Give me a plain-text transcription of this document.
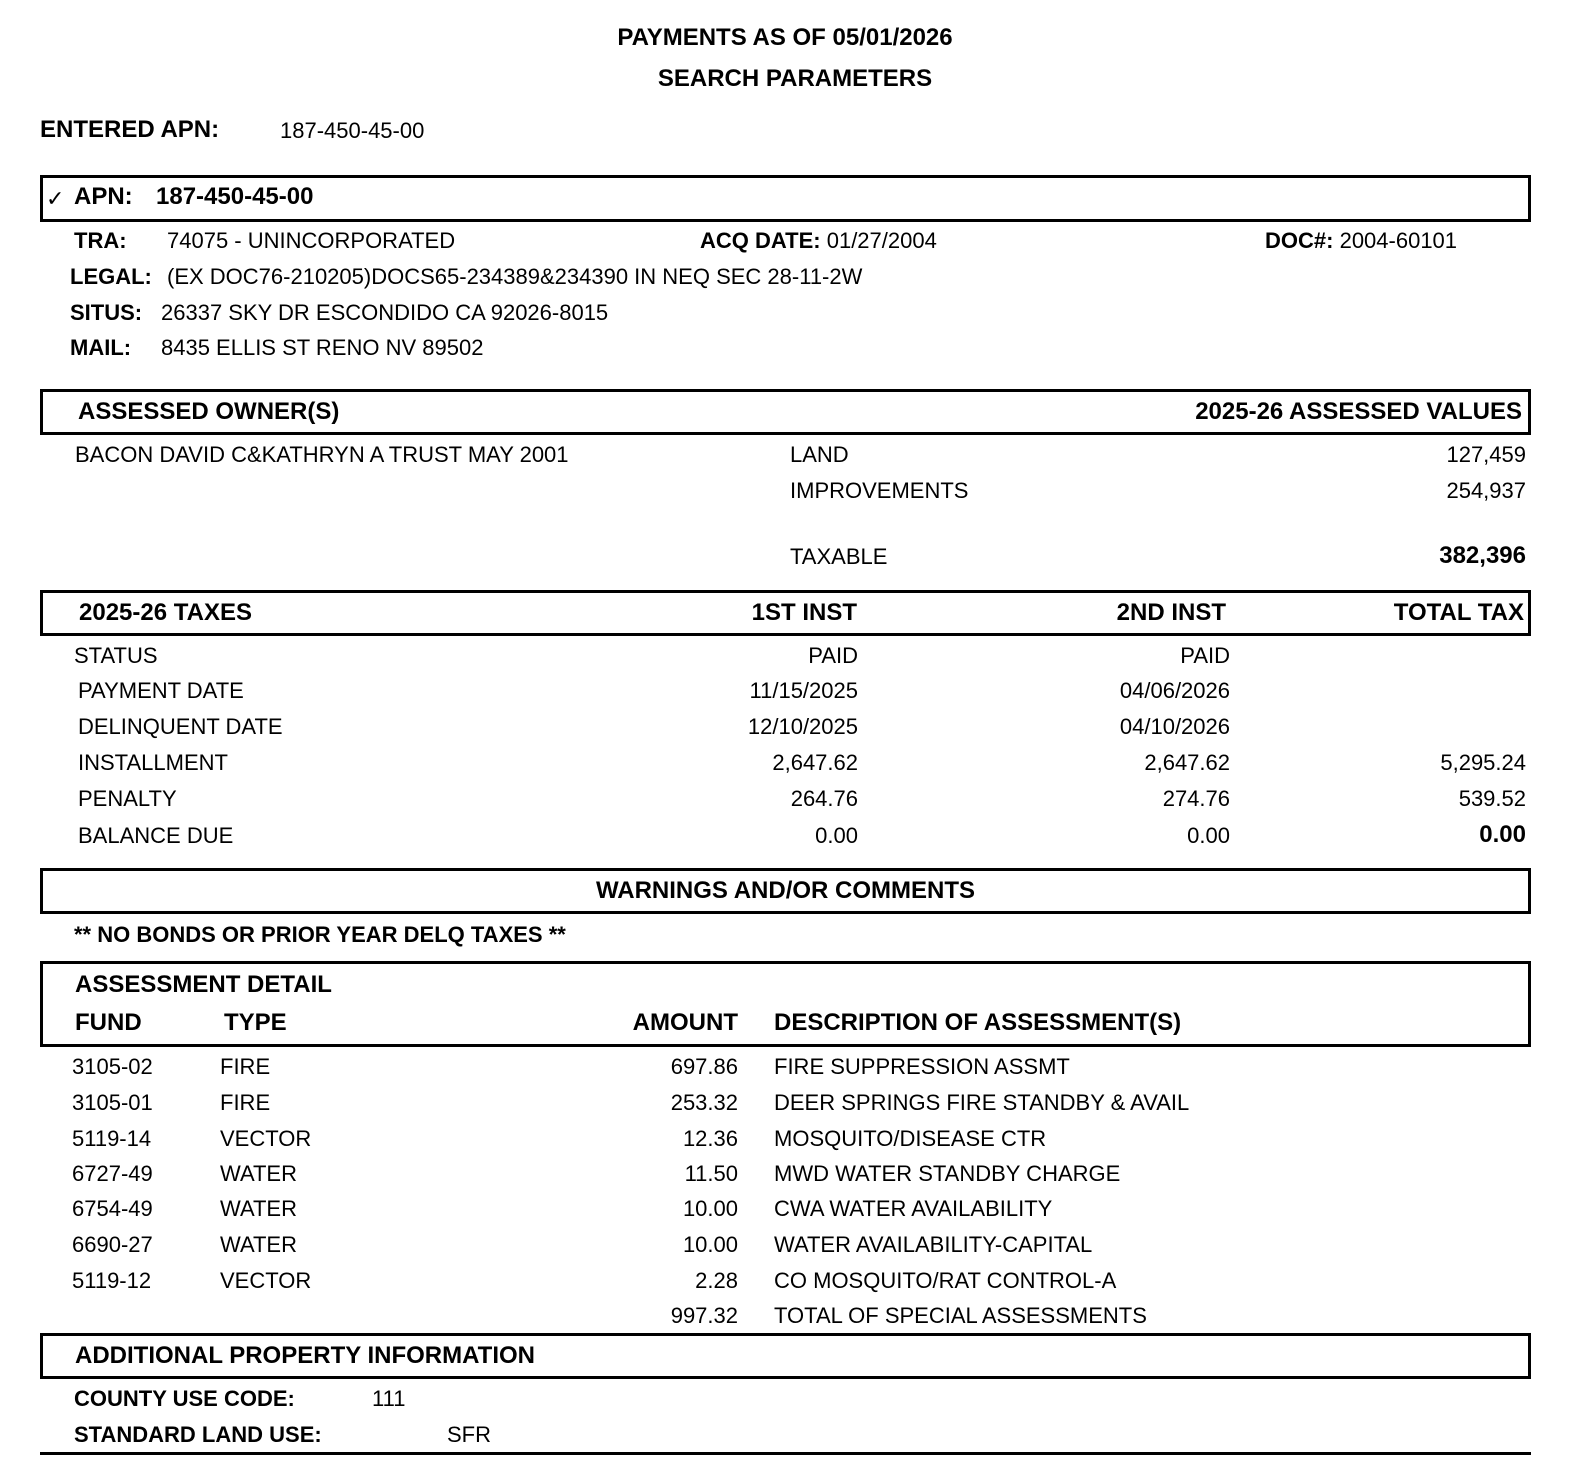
PAYMENTS AS OF 05/01/2026
SEARCH PARAMETERS
ENTERED APN:	187-450-45-00
✓ APN: 187-450-45-00
TRA: 74075 - UNINCORPORATED	ACQ DATE: 01/27/2004	DOC#: 2004-60101
LEGAL: (EX DOC76-210205)DOCS65-234389&234390 IN NEQ SEC 28-11-2W
SITUS: 26337 SKY DR ESCONDIDO CA 92026-8015
MAIL: 8435 ELLIS ST RENO NV 89502
ASSESSED OWNER(S)	2025-26 ASSESSED VALUES
BACON DAVID C&KATHRYN A TRUST MAY 2001	LAND	127,459
IMPROVEMENTS	254,937
TAXABLE	382,396
2025-26 TAXES	1ST INST	2ND INST	TOTAL TAX
STATUS	PAID	PAID
PAYMENT DATE	11/15/2025	04/06/2026
DELINQUENT DATE	12/10/2025	04/10/2026
INSTALLMENT	2,647.62	2,647.62	5,295.24
PENALTY	264.76	274.76	539.52
BALANCE DUE	0.00	0.00	0.00
WARNINGS AND/OR COMMENTS
** NO BONDS OR PRIOR YEAR DELQ TAXES **
ASSESSMENT DETAIL
FUND	TYPE	AMOUNT DESCRIPTION OF ASSESSMENT(S)
3105-02	FIRE	697.86 FIRE SUPPRESSION ASSMT
3105-01	FIRE	253.32 DEER SPRINGS FIRE STANDBY & AVAIL
5119-14	VECTOR	12.36 MOSQUITO/DISEASE CTR
6727-49	WATER	11.50 MWD WATER STANDBY CHARGE
6754-49	WATER	10.00 CWA WATER AVAILABILITY
6690-27	WATER	10.00 WATER AVAILABILITY-CAPITAL
5119-12	VECTOR	2.28 CO MOSQUITO/RAT CONTROL-A
997.32 TOTAL OF SPECIAL ASSESSMENTS
ADDITIONAL PROPERTY INFORMATION
COUNTY USE CODE:	111
STANDARD LAND USE:	SFR
